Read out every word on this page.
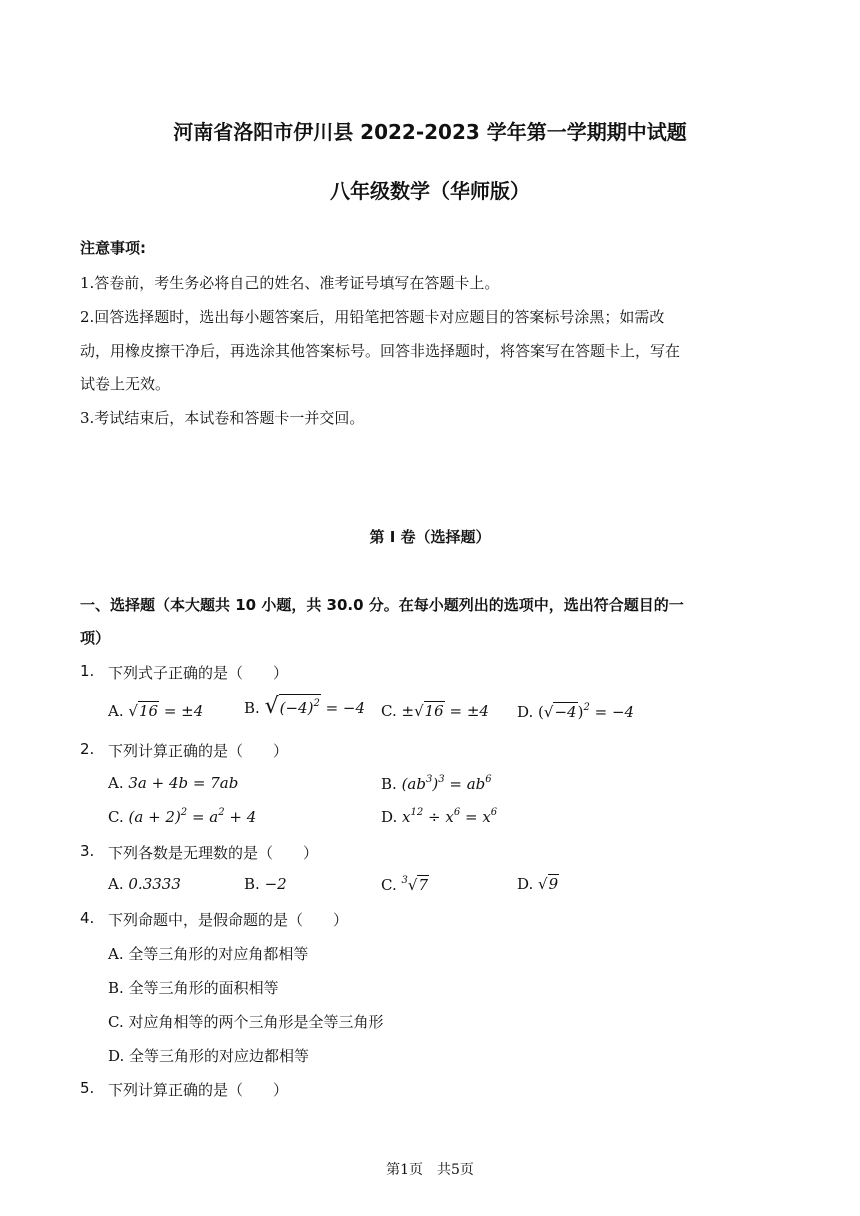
河南省洛阳市伊川县 2022-2023 学年第一学期期中试题
八年级数学（华师版）
注意事项:
1.答卷前，考生务必将自己的姓名、准考证号填写在答题卡上。
2.回答选择题时，选出每小题答案后，用铅笔把答题卡对应题目的答案标号涂黑；如需改
动，用橡皮擦干净后，再选涂其他答案标号。回答非选择题时，将答案写在答题卡上，写在
试卷上无效。
3.考试结束后，本试卷和答题卡一并交回。
第 I 卷（选择题）
一、选择题（本大题共 10 小题，共 30.0 分。在每小题列出的选项中，选出符合题目的一
项）
1. 下列式子正确的是（　　）
A. √16 = ±4	B. $√(-4)^2 = -4$ C. ±√16 = ±4 D. $(√-4)^2 = -4$
2. 下列计算正确的是（　　）
A. 3a + 4b = 7ab	B. $(ab^3)^3 = ab^6$
C. $(a + 2)^2 = a^2 + 4$	D. $x^{12} \div x^6 = x^6$
3. 下列各数是无理数的是（　　）
A. 0.3333	B. −2	C. $^3$√7	D. √9
4. 下列命题中，是假命题的是（　　）
A. 全等三角形的对应角都相等
B. 全等三角形的面积相等
C. 对应角相等的两个三角形是全等三角形
D. 全等三角形的对应边都相等
5. 下列计算正确的是（　　）
第1页　共5页
